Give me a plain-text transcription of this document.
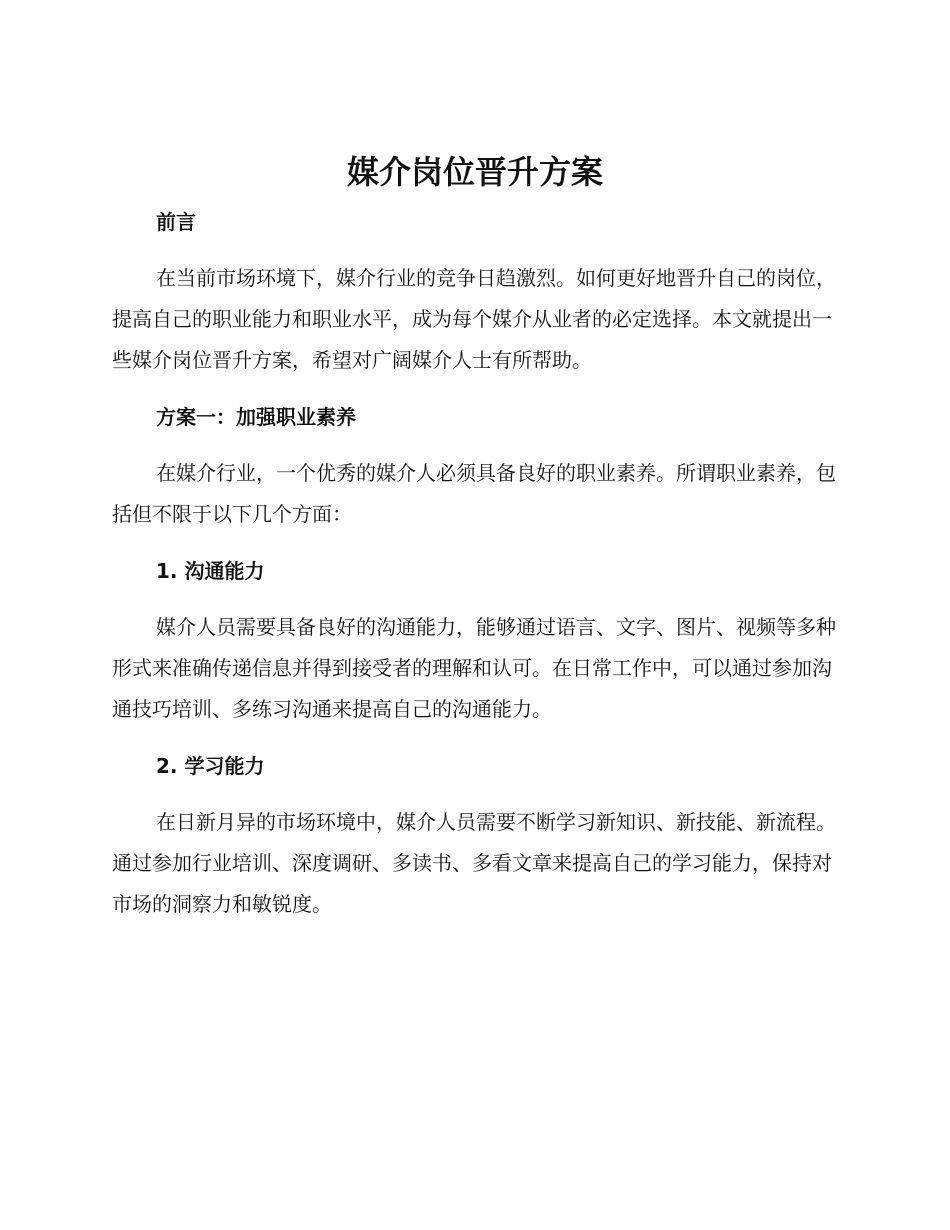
媒介岗位晋升方案
前言

在当前市场环境下，媒介行业的竞争日趋激烈。如何更好地晋升自己的岗位，提高自己的职业能力和职业水平，成为每个媒介从业者的必定选择。本文就提出一些媒介岗位晋升方案，希望对广阔媒介人士有所帮助。

方案一：加强职业素养

在媒介行业，一个优秀的媒介人必须具备良好的职业素养。所谓职业素养，包括但不限于以下几个方面：

1. 沟通能力

媒介人员需要具备良好的沟通能力，能够通过语言、文字、图片、视频等多种形式来准确传递信息并得到接受者的理解和认可。在日常工作中，可以通过参加沟通技巧培训、多练习沟通来提高自己的沟通能力。

2. 学习能力

在日新月异的市场环境中，媒介人员需要不断学习新知识、新技能、新流程。通过参加行业培训、深度调研、多读书、多看文章来提高自己的学习能力，保持对市场的洞察力和敏锐度。
